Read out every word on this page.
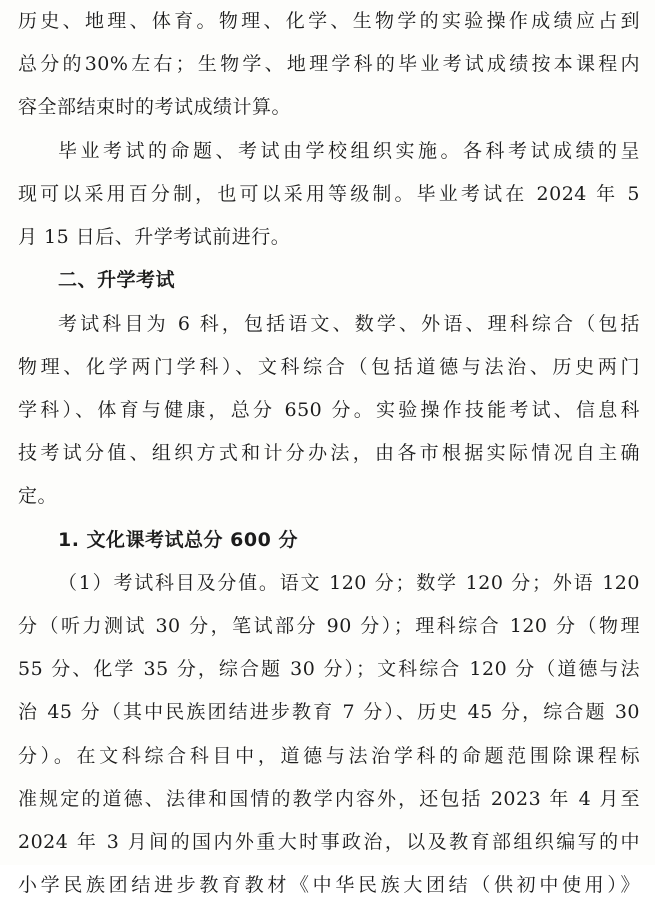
历史、地理、体育。物理、化学、生物学的实验操作成绩应占到
总分的30%左右；生物学、地理学科的毕业考试成绩按本课程内
容全部结束时的考试成绩计算。
毕业考试的命题、考试由学校组织实施。各科考试成绩的呈
现可以采用百分制，也可以采用等级制。毕业考试在 2024 年 5
月 15 日后、升学考试前进行。
二、升学考试
考试科目为 6 科，包括语文、数学、外语、理科综合（包括
物理、化学两门学科）、文科综合（包括道德与法治、历史两门
学科）、体育与健康，总分 650 分。实验操作技能考试、信息科
技考试分值、组织方式和计分办法，由各市根据实际情况自主确
定。
1. 文化课考试总分 600 分
（1）考试科目及分值。语文 120 分；数学 120 分；外语 120
分（听力测试 30 分，笔试部分 90 分）；理科综合 120 分（物理
55 分、化学 35 分，综合题 30 分）；文科综合 120 分（道德与法
治 45 分（其中民族团结进步教育 7 分）、历史 45 分，综合题 30
分）。在文科综合科目中，道德与法治学科的命题范围除课程标
准规定的道德、法律和国情的教学内容外，还包括 2023 年 4 月至
2024 年 3 月间的国内外重大时事政治，以及教育部组织编写的中
小学民族团结进步教育教材《中华民族大团结（供初中使用）》
